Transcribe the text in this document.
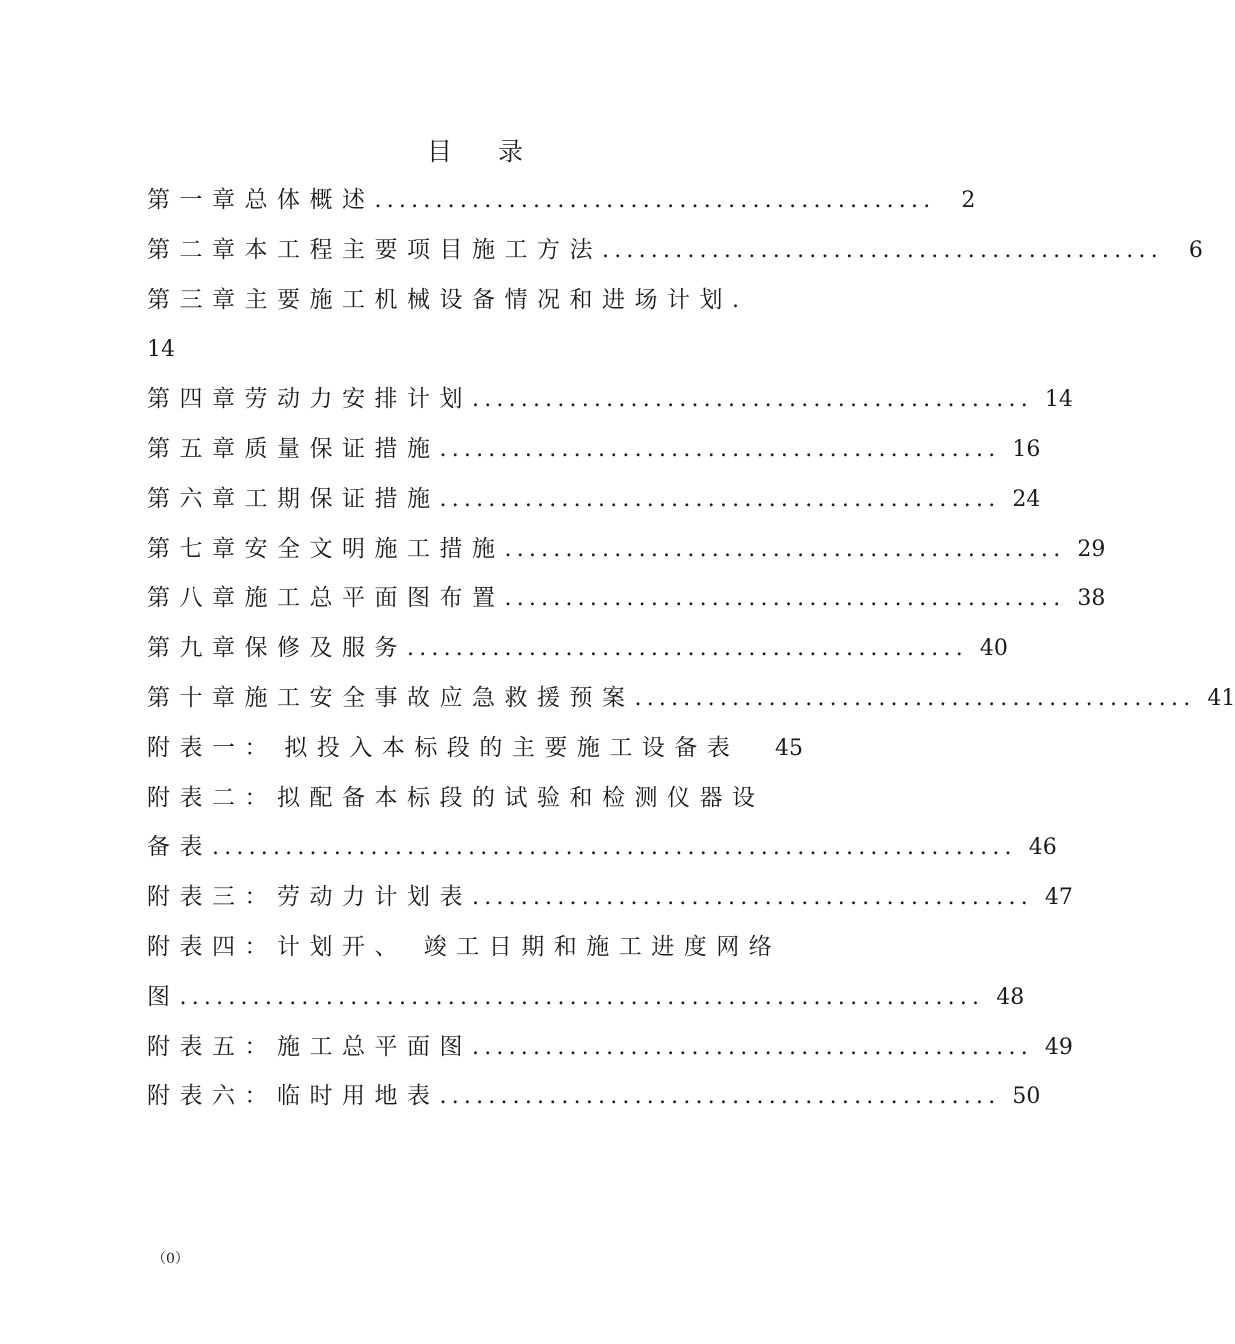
目录
第一章 总体概述 ..............................................	2
第二章 本工程主要项目施工方法 ..............................................	6
第三章 主要施工机械设备情况和进场计划 .
14
第四章 劳动力安排计划 .............................................. 14
第五章 质量保证措施 .............................................. 16
第六章 工期保证措施 .............................................. 24
第七章 安全文明施工措施 .............................................. 29
第八章 施工总平面图布置 .............................................. 38
第九章 保修及服务 .............................................. 40
第十章 施工安全事故应急救援预案 .............................................. 41
附表一： 拟投入本标段的主要施工设备表 45
附表二： 拟配备本标段的试验和检测仪器设
备表 .................................................................. 46
附表三： 劳动力计划表 .............................................. 47
附表四： 计划开、 竣工日期和施工进度网络
图 .................................................................. 48
附表五： 施工总平面图 .............................................. 49
附表六： 临时用地表 .............................................. 50
（0）
